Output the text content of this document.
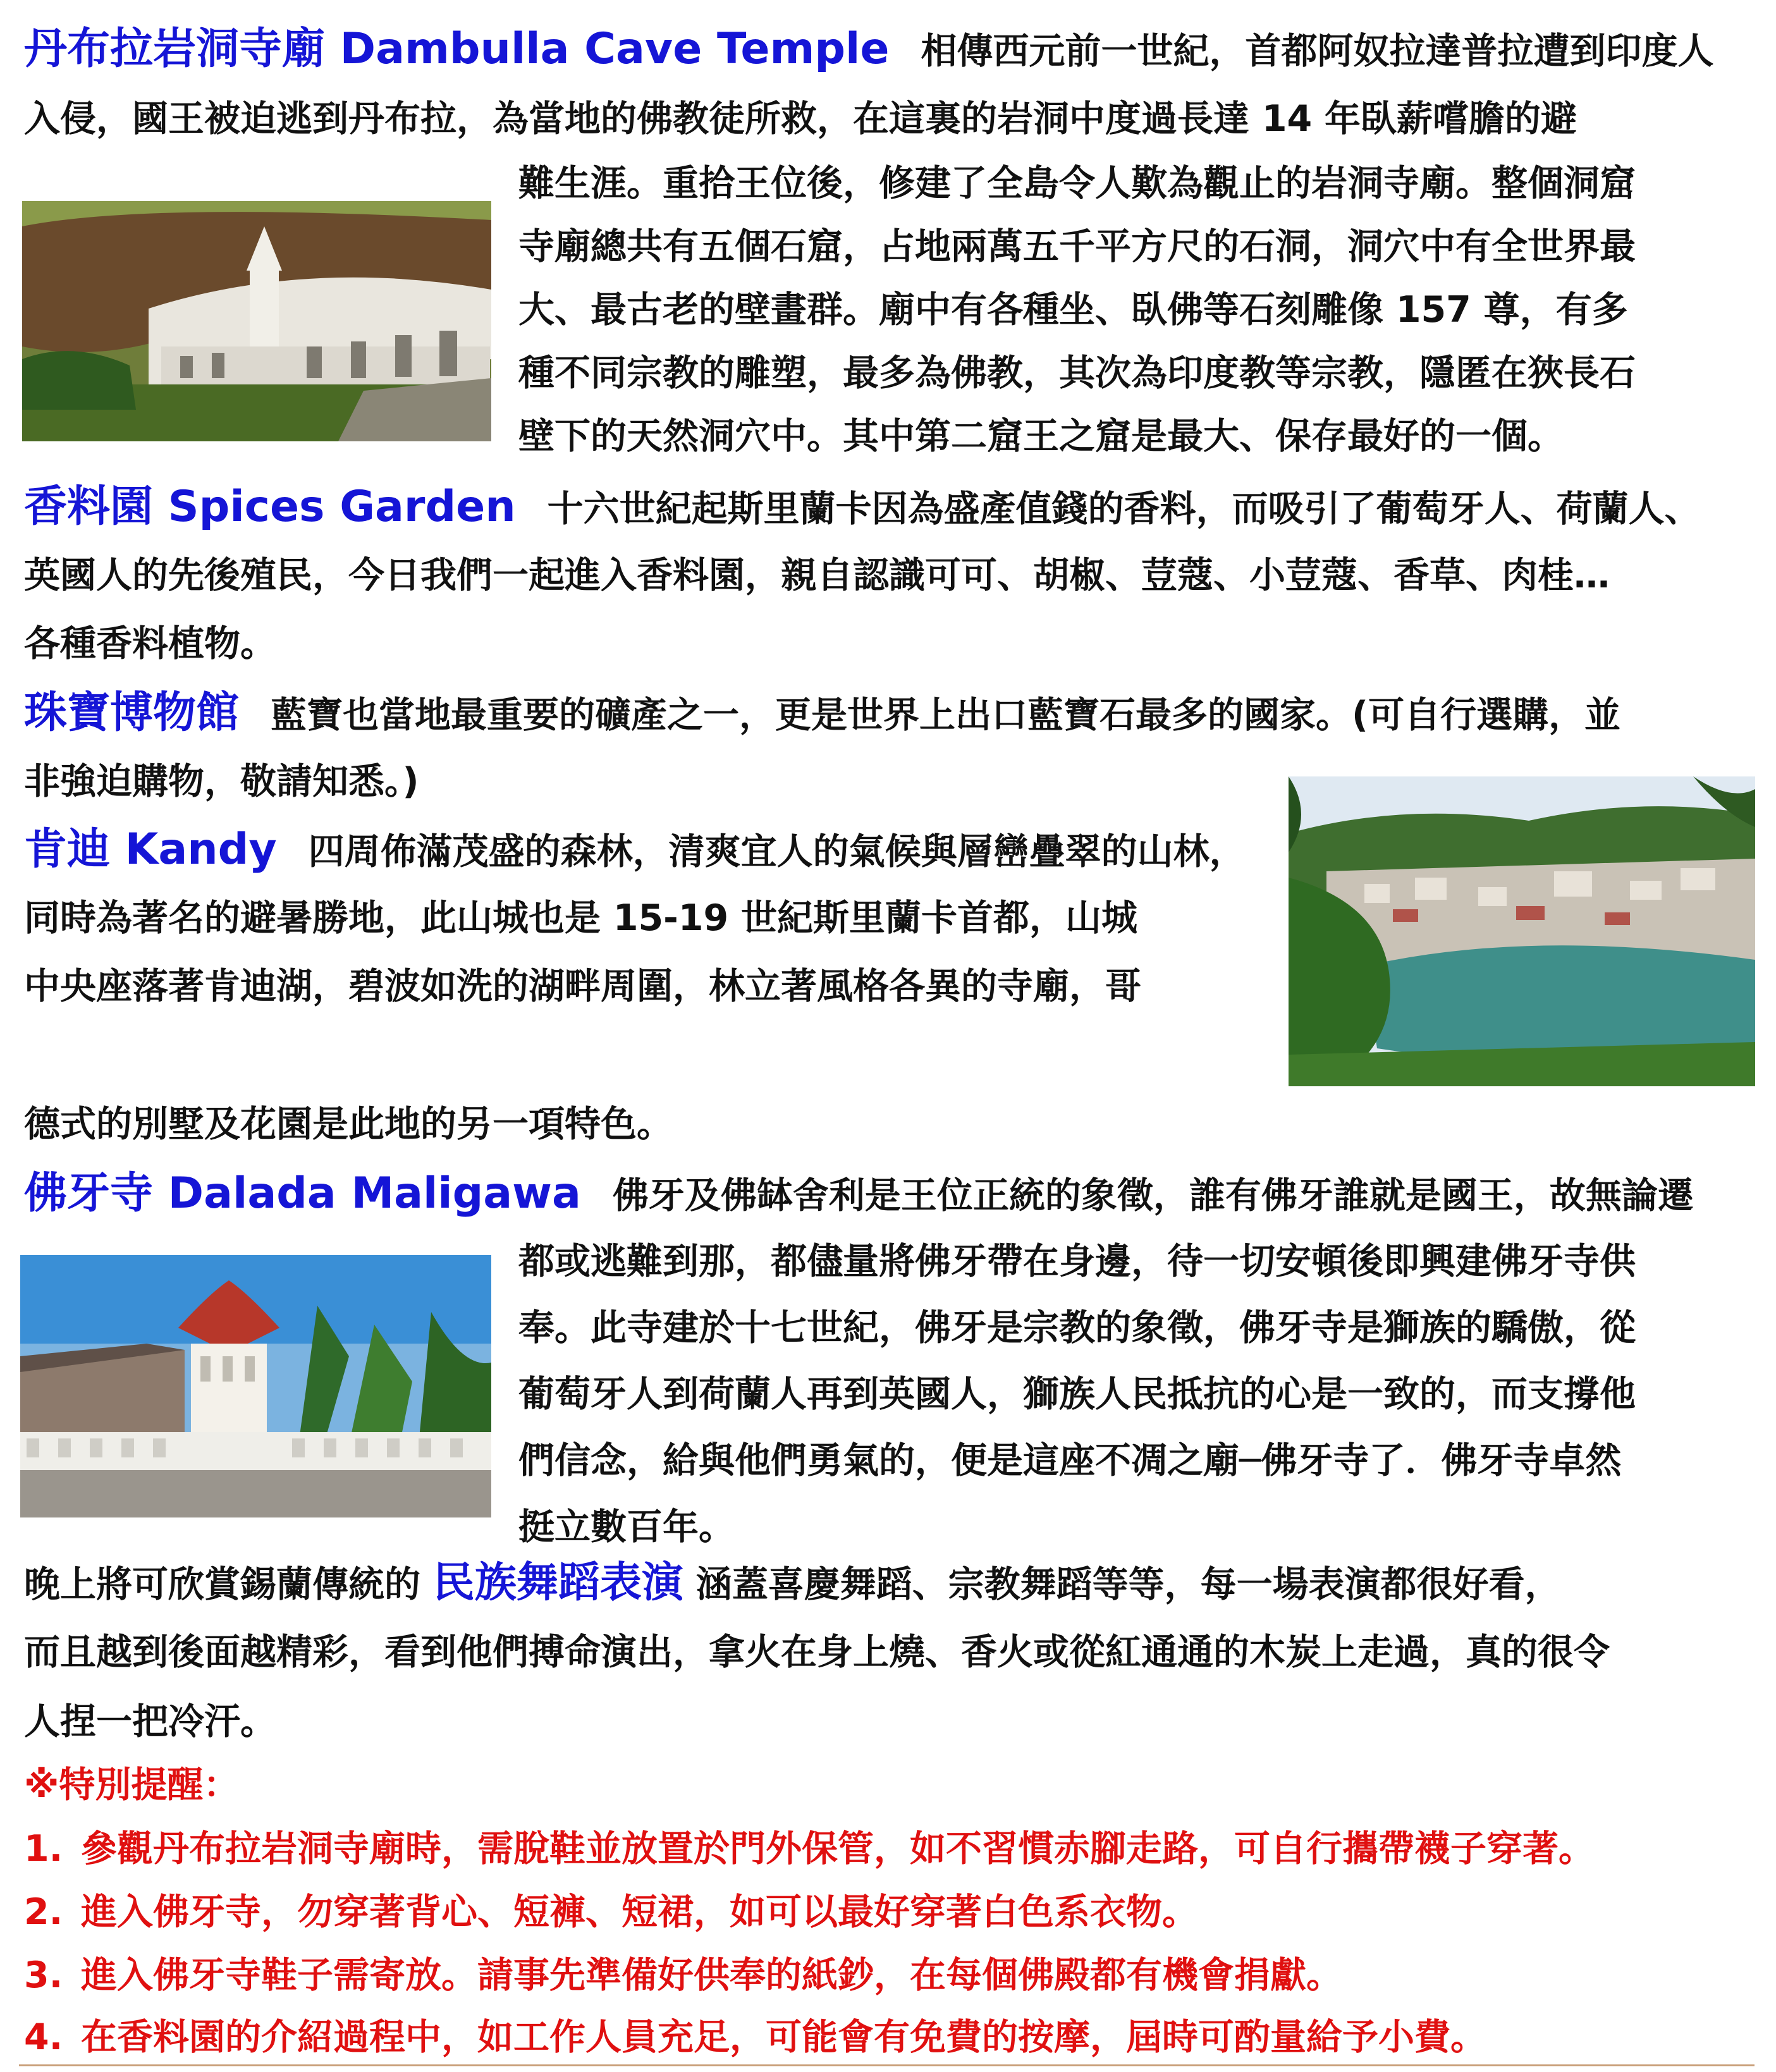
丹布拉岩洞寺廟 Dambulla Cave Temple 相傳西元前一世紀，首都阿奴拉達普拉遭到印度人
入侵，國王被迫逃到丹布拉，為當地的佛教徒所救，在這裏的岩洞中度過長達 14 年臥薪嚐膽的避
難生涯。重拾王位後，修建了全島令人歎為觀止的岩洞寺廟。整個洞窟
寺廟總共有五個石窟，占地兩萬五千平方尺的石洞，洞穴中有全世界最
大、最古老的壁畫群。廟中有各種坐、臥佛等石刻雕像 157 尊，有多
種不同宗教的雕塑，最多為佛教，其次為印度教等宗教，隱匿在狹長石
壁下的天然洞穴中。其中第二窟王之窟是最大、保存最好的一個。
香料園 Spices Garden 十六世紀起斯里蘭卡因為盛產值錢的香料，而吸引了葡萄牙人、荷蘭人、
英國人的先後殖民，今日我們一起進入香料園，親自認識可可、胡椒、荳蔻、小荳蔻、香草、肉桂…
各種香料植物。
珠寶博物館 藍寶也當地最重要的礦產之一，更是世界上出口藍寶石最多的國家。(可自行選購，並
非強迫購物，敬請知悉。)
肯迪 Kandy 四周佈滿茂盛的森林，清爽宜人的氣候與層巒疊翠的山林，
同時為著名的避暑勝地，此山城也是 15-19 世紀斯里蘭卡首都，山城
中央座落著肯迪湖，碧波如洗的湖畔周圍，林立著風格各異的寺廟，哥
德式的別墅及花園是此地的另一項特色。
佛牙寺 Dalada Maligawa 佛牙及佛缽舍利是王位正統的象徵，誰有佛牙誰就是國王，故無論遷
都或逃難到那，都儘量將佛牙帶在身邊，待一切安頓後即興建佛牙寺供
奉。此寺建於十七世紀，佛牙是宗教的象徵，佛牙寺是獅族的驕傲，從
葡萄牙人到荷蘭人再到英國人，獅族人民抵抗的心是一致的，而支撐他
們信念，給與他們勇氣的，便是這座不凋之廟─佛牙寺了．佛牙寺卓然
挺立數百年。
晚上將可欣賞錫蘭傳統的 民族舞蹈表演 涵蓋喜慶舞蹈、宗教舞蹈等等，每一場表演都很好看，
而且越到後面越精彩，看到他們搏命演出，拿火在身上燒、香火或從紅通通的木炭上走過，真的很令
人捏一把冷汗。
※特別提醒：
1. 參觀丹布拉岩洞寺廟時，需脫鞋並放置於門外保管，如不習慣赤腳走路，可自行攜帶襪子穿著。
2. 進入佛牙寺，勿穿著背心、短褲、短裙，如可以最好穿著白色系衣物。
3. 進入佛牙寺鞋子需寄放。請事先準備好供奉的紙鈔，在每個佛殿都有機會捐獻。
4. 在香料園的介紹過程中，如工作人員充足，可能會有免費的按摩，屆時可酌量給予小費。
